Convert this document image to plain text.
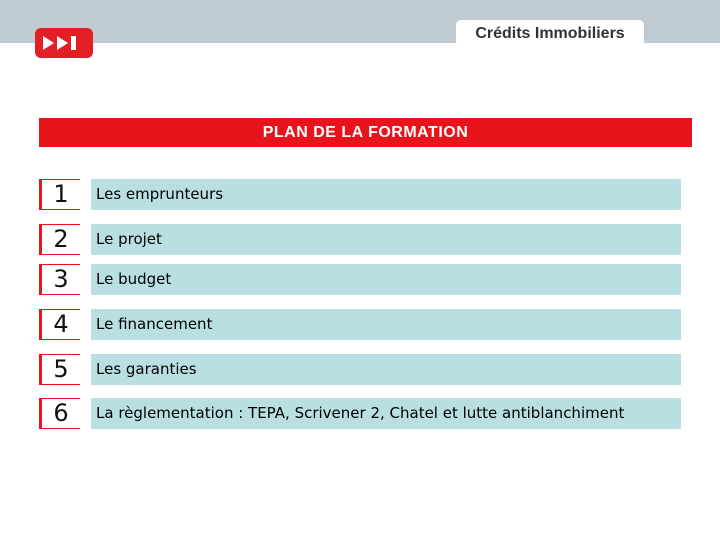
Crédits Immobiliers
PLAN DE LA FORMATION
1	Les emprunteurs
2	Le projet
3	Le budget
4	Le financement
5	Les garanties
6	La règlementation : TEPA, Scrivener 2, Chatel et lutte antiblanchiment
